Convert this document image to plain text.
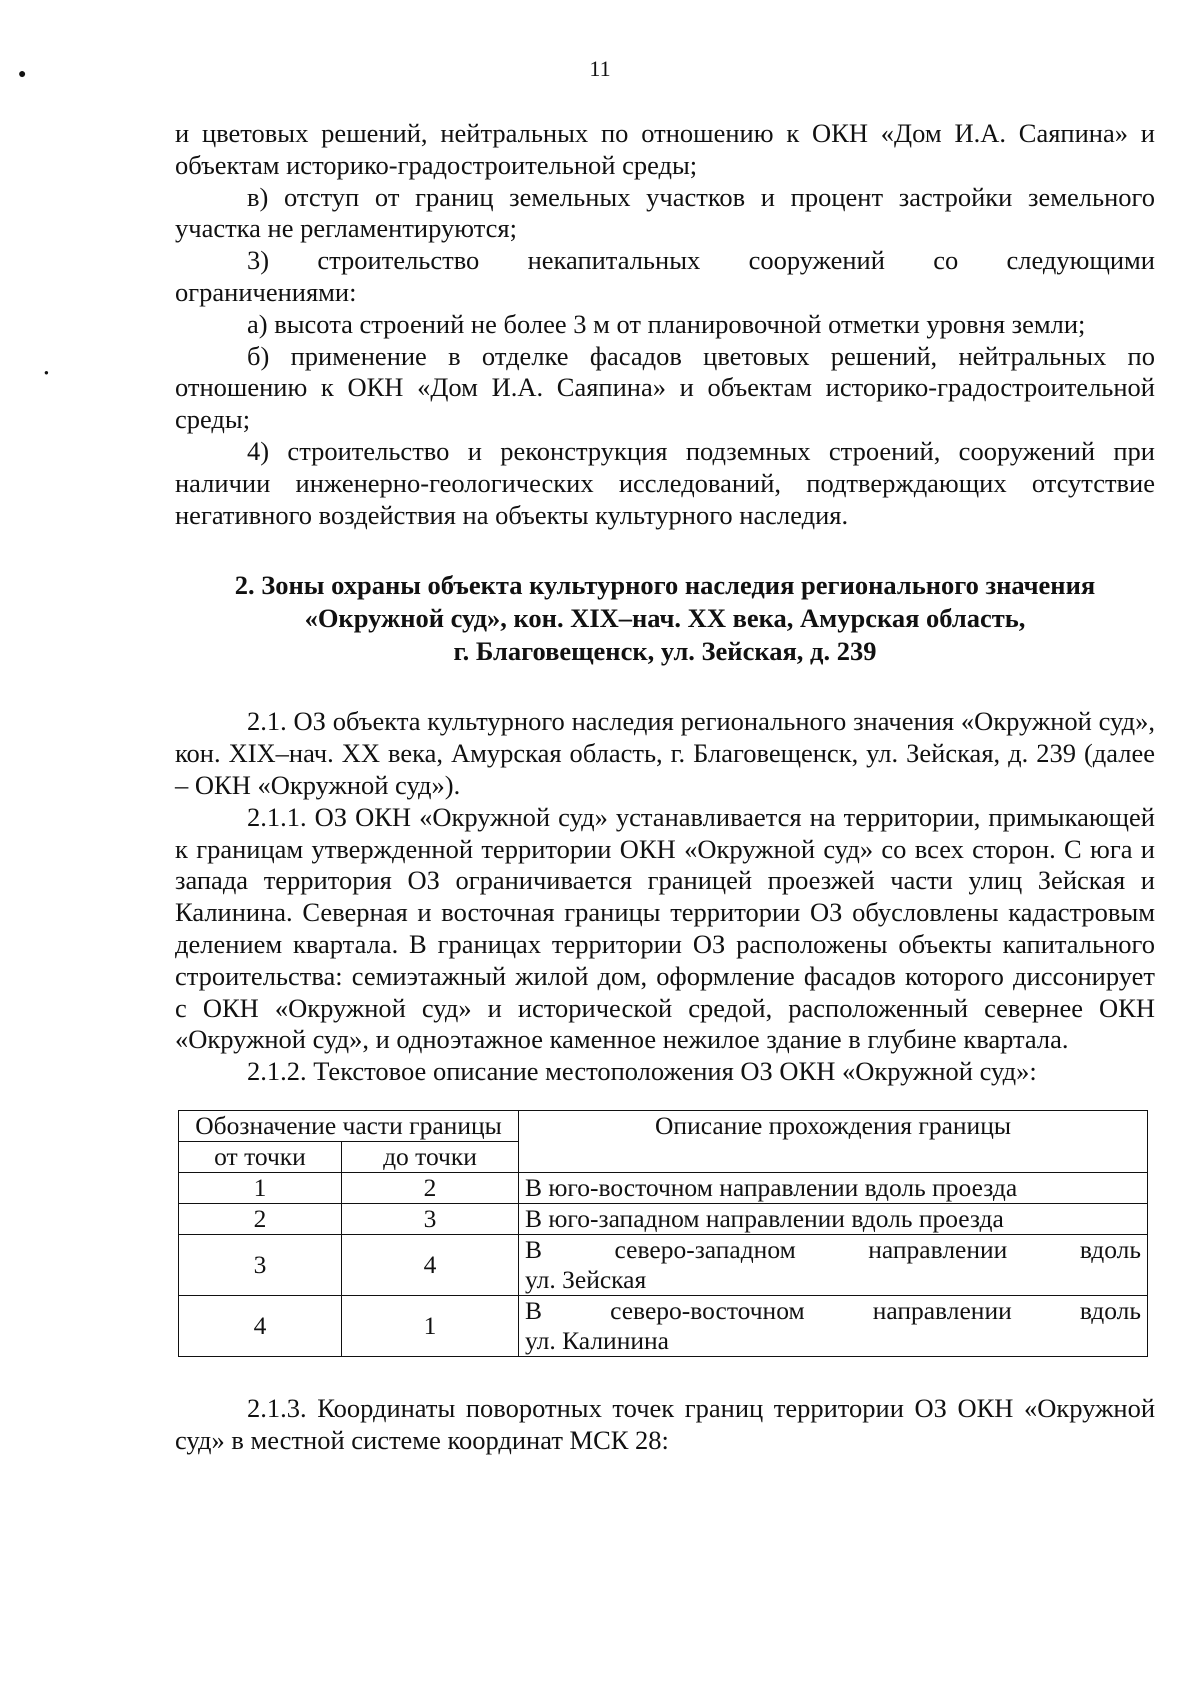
11
●
●

и цветовых решений, нейтральных по отношению к ОКН «Дом И.А. Саяпина» и объектам историко-градостроительной среды;

в) отступ от границ земельных участков и процент застройки земельного участка не регламентируются;

3) строительство некапитальных сооружений со следующими ограничениями:

а) высота строений не более 3 м от планировочной отметки уровня земли;

б) применение в отделке фасадов цветовых решений, нейтральных по отношению к ОКН «Дом И.А. Саяпина» и объектам историко-градостроительной среды;

4) строительство и реконструкция подземных строений, сооружений при наличии инженерно-геологических исследований, подтверждающих отсутствие негативного воздействия на объекты культурного наследия.

2. Зоны охраны объекта культурного наследия регионального значения
«Окружной суд», кон. XIX–нач. XX века, Амурская область,
г. Благовещенск, ул. Зейская, д. 239

2.1. ОЗ объекта культурного наследия регионального значения «Окружной суд», кон. XIX–нач. XX века, Амурская область, г. Благовещенск, ул. Зейская, д. 239 (далее – ОКН «Окружной суд»).

2.1.1. ОЗ ОКН «Окружной суд» устанавливается на территории, примыкающей к границам утвержденной территории ОКН «Окружной суд» со всех сторон. С юга и запада территория ОЗ ограничивается границей проезжей части улиц Зейская и Калинина. Северная и восточная границы территории ОЗ обусловлены кадастровым делением квартала. В границах территории ОЗ расположены объекты капитального строительства: семиэтажный жилой дом, оформление фасадов которого диссонирует с ОКН «Окружной суд» и исторической средой, расположенный севернее ОКН «Окружной суд», и одноэтажное каменное нежилое здание в глубине квартала.

2.1.2. Текстовое описание местоположения ОЗ ОКН «Окружной суд»:

Обозначение части границы		Описание прохождения границы
от точки	до точки	
1	2	В юго-восточном направлении вдоль проезда
2	3	В юго-западном направлении вдоль проезда
3	4	В северо-западном направлении вдоль
ул. Зейская

4	1	В северо-восточном направлении вдоль
ул. Калинина

2.1.3. Координаты поворотных точек границ территории ОЗ ОКН «Окружной суд» в местной системе координат МСК 28:
